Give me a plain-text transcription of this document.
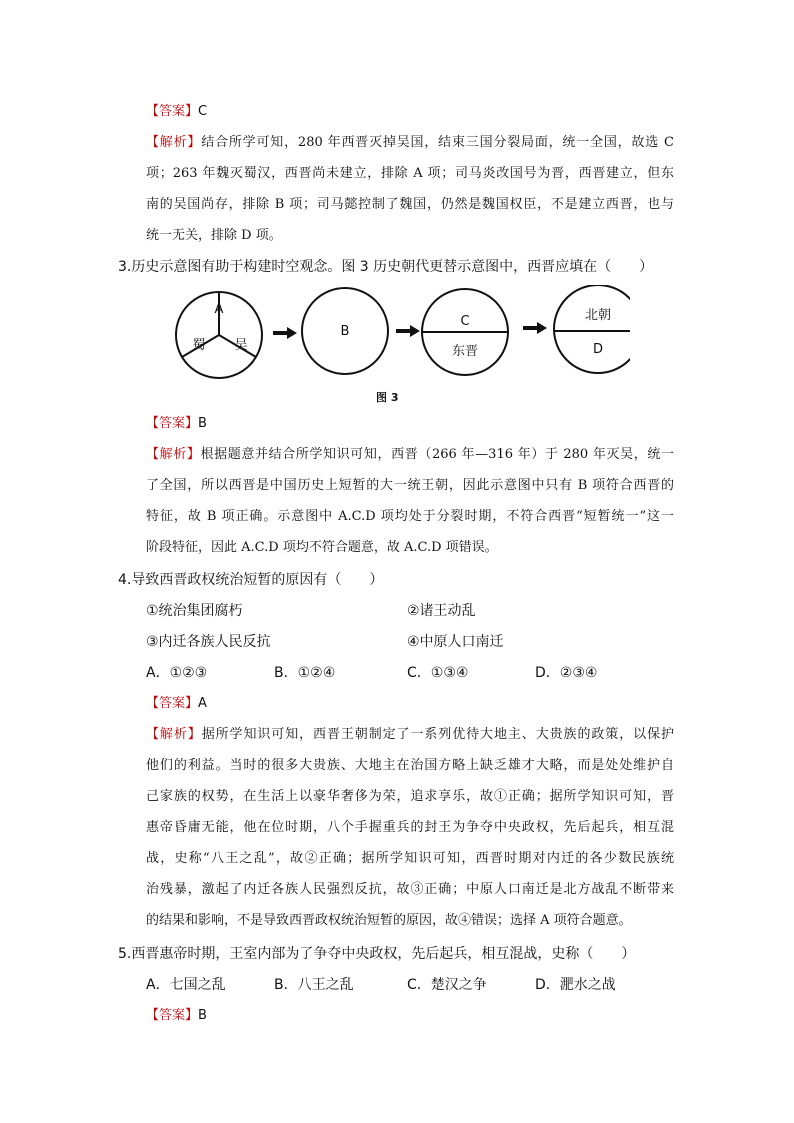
【答案】C
【解析】结合所学可知，280 年西晋灭掉吴国，结束三国分裂局面，统一全国，故选 C
项；263 年魏灭蜀汉，西晋尚未建立，排除 A 项；司马炎改国号为晋，西晋建立，但东
南的吴国尚存，排除 B 项；司马懿控制了魏国，仍然是魏国权臣，不是建立西晋，也与
统一无关，排除 D 项。
3.历史示意图有助于构建时空观念。图 3 历史朝代更替示意图中，西晋应填在（　　）
A
蜀 吴
B
C
东晋
北朝
D
图 3
【答案】B
【解析】根据题意并结合所学知识可知，西晋（266 年—316 年）于 280 年灭吴，统一
了全国，所以西晋是中国历史上短暂的大一统王朝，因此示意图中只有 B 项符合西晋的
特征，故 B 项正确。示意图中 A.C.D 项均处于分裂时期，不符合西晋“短暂统一”这一
阶段特征，因此 A.C.D 项均不符合题意，故 A.C.D 项错误。
4.导致西晋政权统治短暂的原因有（　　）
①统治集团腐朽	②诸王动乱
③内迁各族人民反抗	④中原人口南迁
A．①②③	B．①②④	C．①③④	D．②③④
【答案】A
【解析】据所学知识可知，西晋王朝制定了一系列优待大地主、大贵族的政策，以保护
他们的利益。当时的很多大贵族、大地主在治国方略上缺乏雄才大略，而是处处维护自
己家族的权势，在生活上以豪华奢侈为荣，追求享乐，故①正确；据所学知识可知，晋
惠帝昏庸无能，他在位时期，八个手握重兵的封王为争夺中央政权，先后起兵，相互混
战，史称“八王之乱”，故②正确；据所学知识可知，西晋时期对内迁的各少数民族统
治残暴，激起了内迁各族人民强烈反抗，故③正确；中原人口南迁是北方战乱不断带来
的结果和影响，不是导致西晋政权统治短暂的原因，故④错误；选择 A 项符合题意。
5.西晋惠帝时期，王室内部为了争夺中央政权，先后起兵，相互混战，史称（　　）
A．七国之乱	B．八王之乱	C．楚汉之争	D．淝水之战
【答案】B
